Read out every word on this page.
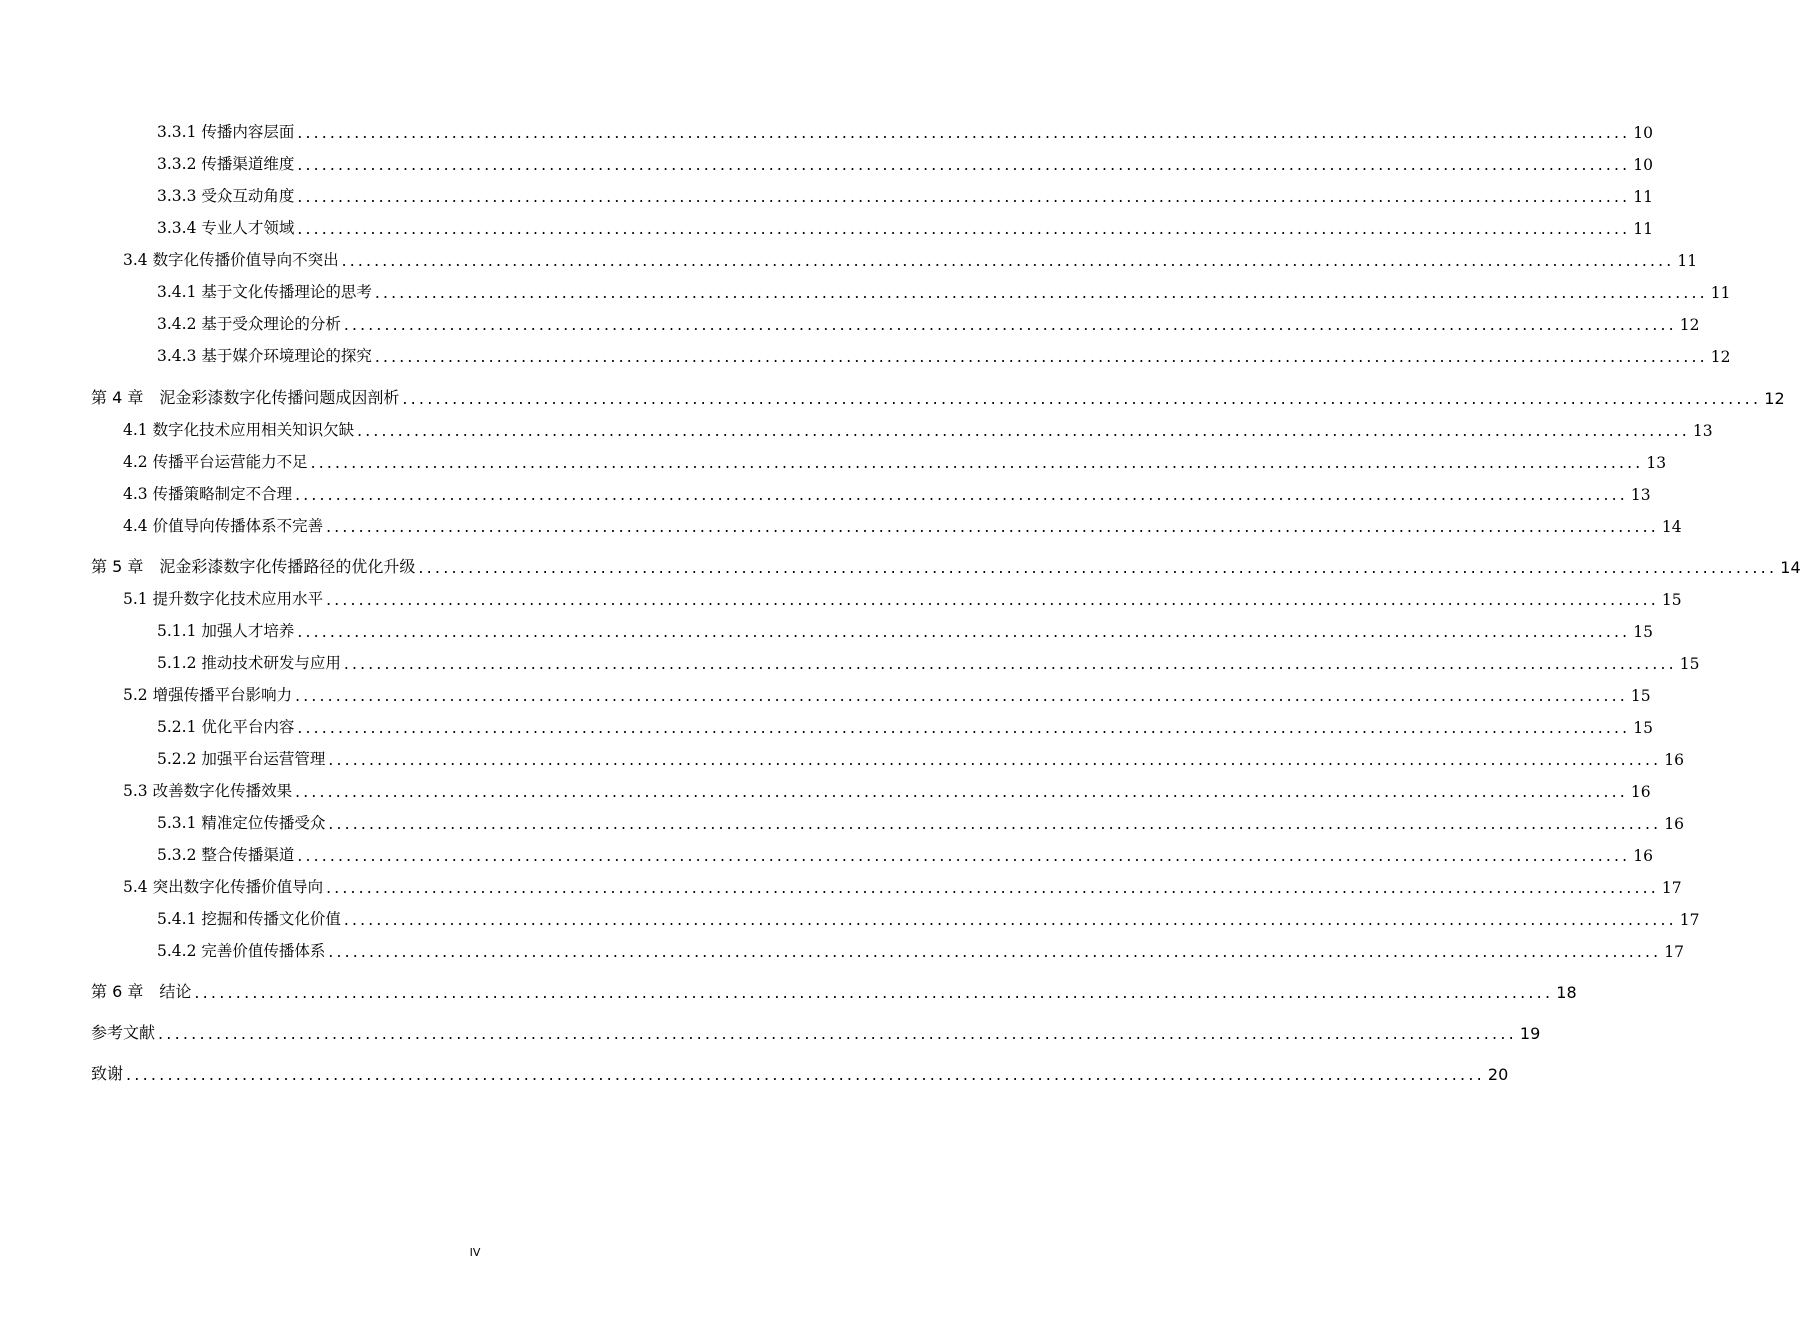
3.3.1 传播内容层面 .................................................................................................................................................................... 10
3.3.2 传播渠道维度 .................................................................................................................................................................... 10
3.3.3 受众互动角度 .................................................................................................................................................................... 11
3.3.4 专业人才领域 .................................................................................................................................................................... 11
3.4 数字化传播价值导向不突出 .................................................................................................................................................................... 11
3.4.1 基于文化传播理论的思考 .................................................................................................................................................................... 11
3.4.2 基于受众理论的分析 .................................................................................................................................................................... 12
3.4.3 基于媒介环境理论的探究 .................................................................................................................................................................... 12
第 4 章　泥金彩漆数字化传播问题成因剖析 .................................................................................................................................................................... 12
4.1 数字化技术应用相关知识欠缺 .................................................................................................................................................................... 13
4.2 传播平台运营能力不足 .................................................................................................................................................................... 13
4.3 传播策略制定不合理 .................................................................................................................................................................... 13
4.4 价值导向传播体系不完善 .................................................................................................................................................................... 14
第 5 章　泥金彩漆数字化传播路径的优化升级 .................................................................................................................................................................... 14
5.1 提升数字化技术应用水平 .................................................................................................................................................................... 15
5.1.1 加强人才培养 .................................................................................................................................................................... 15
5.1.2 推动技术研发与应用 .................................................................................................................................................................... 15
5.2 增强传播平台影响力 .................................................................................................................................................................... 15
5.2.1 优化平台内容 .................................................................................................................................................................... 15
5.2.2 加强平台运营管理 .................................................................................................................................................................... 16
5.3 改善数字化传播效果 .................................................................................................................................................................... 16
5.3.1 精准定位传播受众 .................................................................................................................................................................... 16
5.3.2 整合传播渠道 .................................................................................................................................................................... 16
5.4 突出数字化传播价值导向 .................................................................................................................................................................... 17
5.4.1 挖掘和传播文化价值 .................................................................................................................................................................... 17
5.4.2 完善价值传播体系 .................................................................................................................................................................... 17
第 6 章　结论 .................................................................................................................................................................... 18
参考文献 .................................................................................................................................................................... 19
致谢 .................................................................................................................................................................... 20
IV
